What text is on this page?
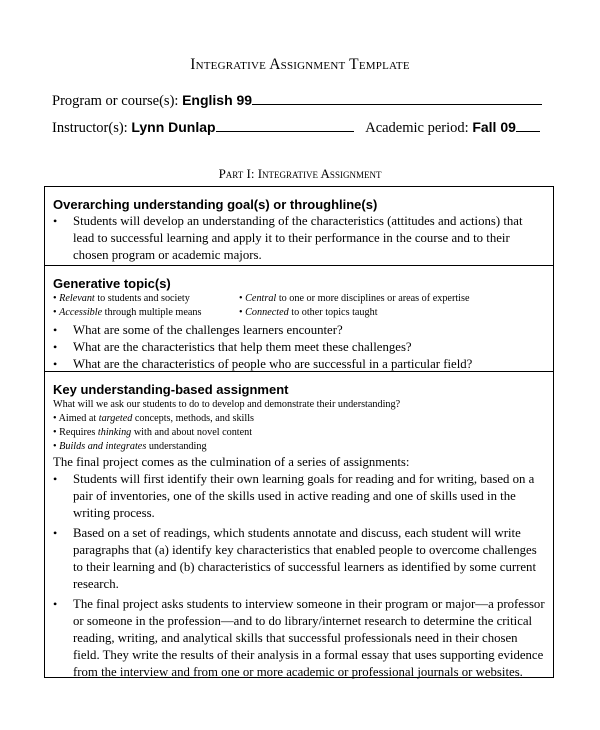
Integrative Assignment Template
Program or course(s): English 99
Instructor(s): Lynn Dunlap	Academic period: Fall 09
Part I: Integrative Assignment
Overarching understanding goal(s) or throughline(s)
•	Students will develop an understanding of the characteristics (attitudes and actions) that lead to successful learning and apply it to their performance in the course and to their chosen program or academic majors.
Generative topic(s)
• Relevant to students and society
• Accessible through multiple means
• Central to one or more disciplines or areas of expertise
• Connected to other topics taught
•	What are some of the challenges learners encounter?
•	What are the characteristics that help them meet these challenges?
•	What are the characteristics of people who are successful in a particular field?
Key understanding-based assignment
What will we ask our students to do to develop and demonstrate their understanding?
• Aimed at targeted concepts, methods, and skills
• Requires thinking with and about novel content
• Builds and integrates understanding
The final project comes as the culmination of a series of assignments:
•	Students will first identify their own learning goals for reading and for writing, based on a pair of inventories, one of the skills used in active reading and one of skills used in the writing process.
•	Based on a set of readings, which students annotate and discuss, each student will write paragraphs that (a) identify key characteristics that enabled people to overcome challenges to their learning and (b) characteristics of successful learners as identified by some current research.
•	The final project asks students to interview someone in their program or major—a professor or someone in the profession—and to do library/internet research to determine the critical reading, writing, and analytical skills that successful professionals need in their chosen field. They write the results of their analysis in a formal essay that uses supporting evidence from the interview and from one or more academic or professional journals or websites.
